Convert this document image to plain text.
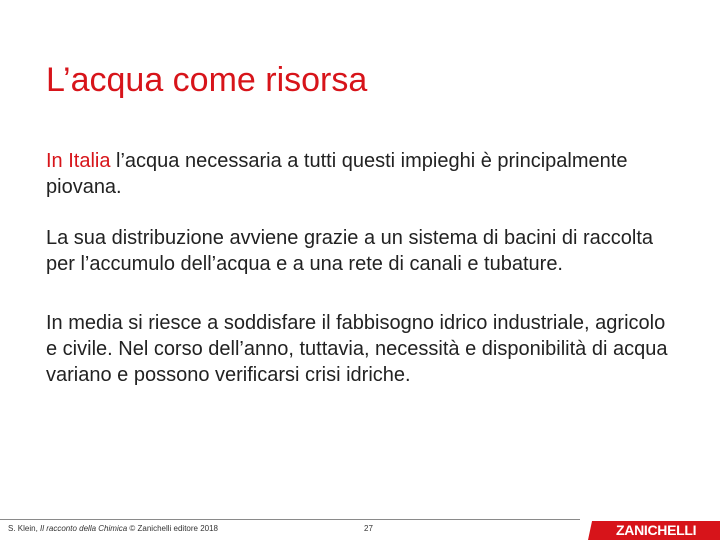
L’acqua come risorsa

In Italia l’acqua necessaria a tutti questi impieghi è principalmente piovana.

La sua distribuzione avviene grazie a un sistema di bacini di raccolta per l’accumulo dell’acqua e a una rete di canali e tubature.

In media si riesce a soddisfare il fabbisogno idrico industriale, agricolo e civile. Nel corso dell’anno, tuttavia, necessità e disponibilità di acqua variano e possono verificarsi crisi idriche.

S. Klein, Il racconto della Chimica © Zanichelli editore 2018	27	ZANICHELLI
